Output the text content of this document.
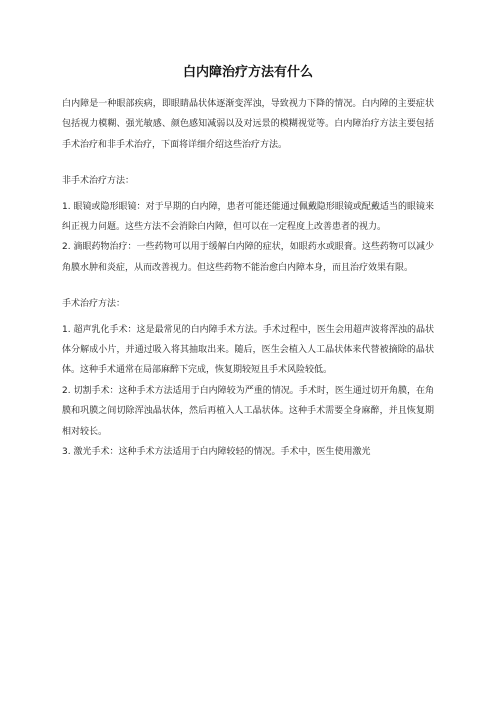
白内障治疗方法有什么

白内障是一种眼部疾病，即眼睛晶状体逐渐变浑浊，导致视力下降的情况。白内障的主要症状包括视力模糊、强光敏感、颜色感知减弱以及对远景的模糊视觉等。白内障治疗方法主要包括手术治疗和非手术治疗，下面将详细介绍这些治疗方法。

非手术治疗方法：

1. 眼镜或隐形眼镜：对于早期的白内障，患者可能还能通过佩戴隐形眼镜或配戴适当的眼镜来纠正视力问题。这些方法不会消除白内障，但可以在一定程度上改善患者的视力。

2. 滴眼药物治疗：一些药物可以用于缓解白内障的症状，如眼药水或眼膏。这些药物可以减少角膜水肿和炎症，从而改善视力。但这些药物不能治愈白内障本身，而且治疗效果有限。

手术治疗方法：

1. 超声乳化手术：这是最常见的白内障手术方法。手术过程中，医生会用超声波将浑浊的晶状体分解成小片，并通过吸入将其抽取出来。随后，医生会植入人工晶状体来代替被摘除的晶状体。这种手术通常在局部麻醉下完成，恢复期较短且手术风险较低。

2. 切割手术：这种手术方法适用于白内障较为严重的情况。手术时，医生通过切开角膜，在角膜和巩膜之间切除浑浊晶状体，然后再植入人工晶状体。这种手术需要全身麻醉，并且恢复期相对较长。

3. 激光手术：这种手术方法适用于白内障较轻的情况。手术中，医生使用激光
